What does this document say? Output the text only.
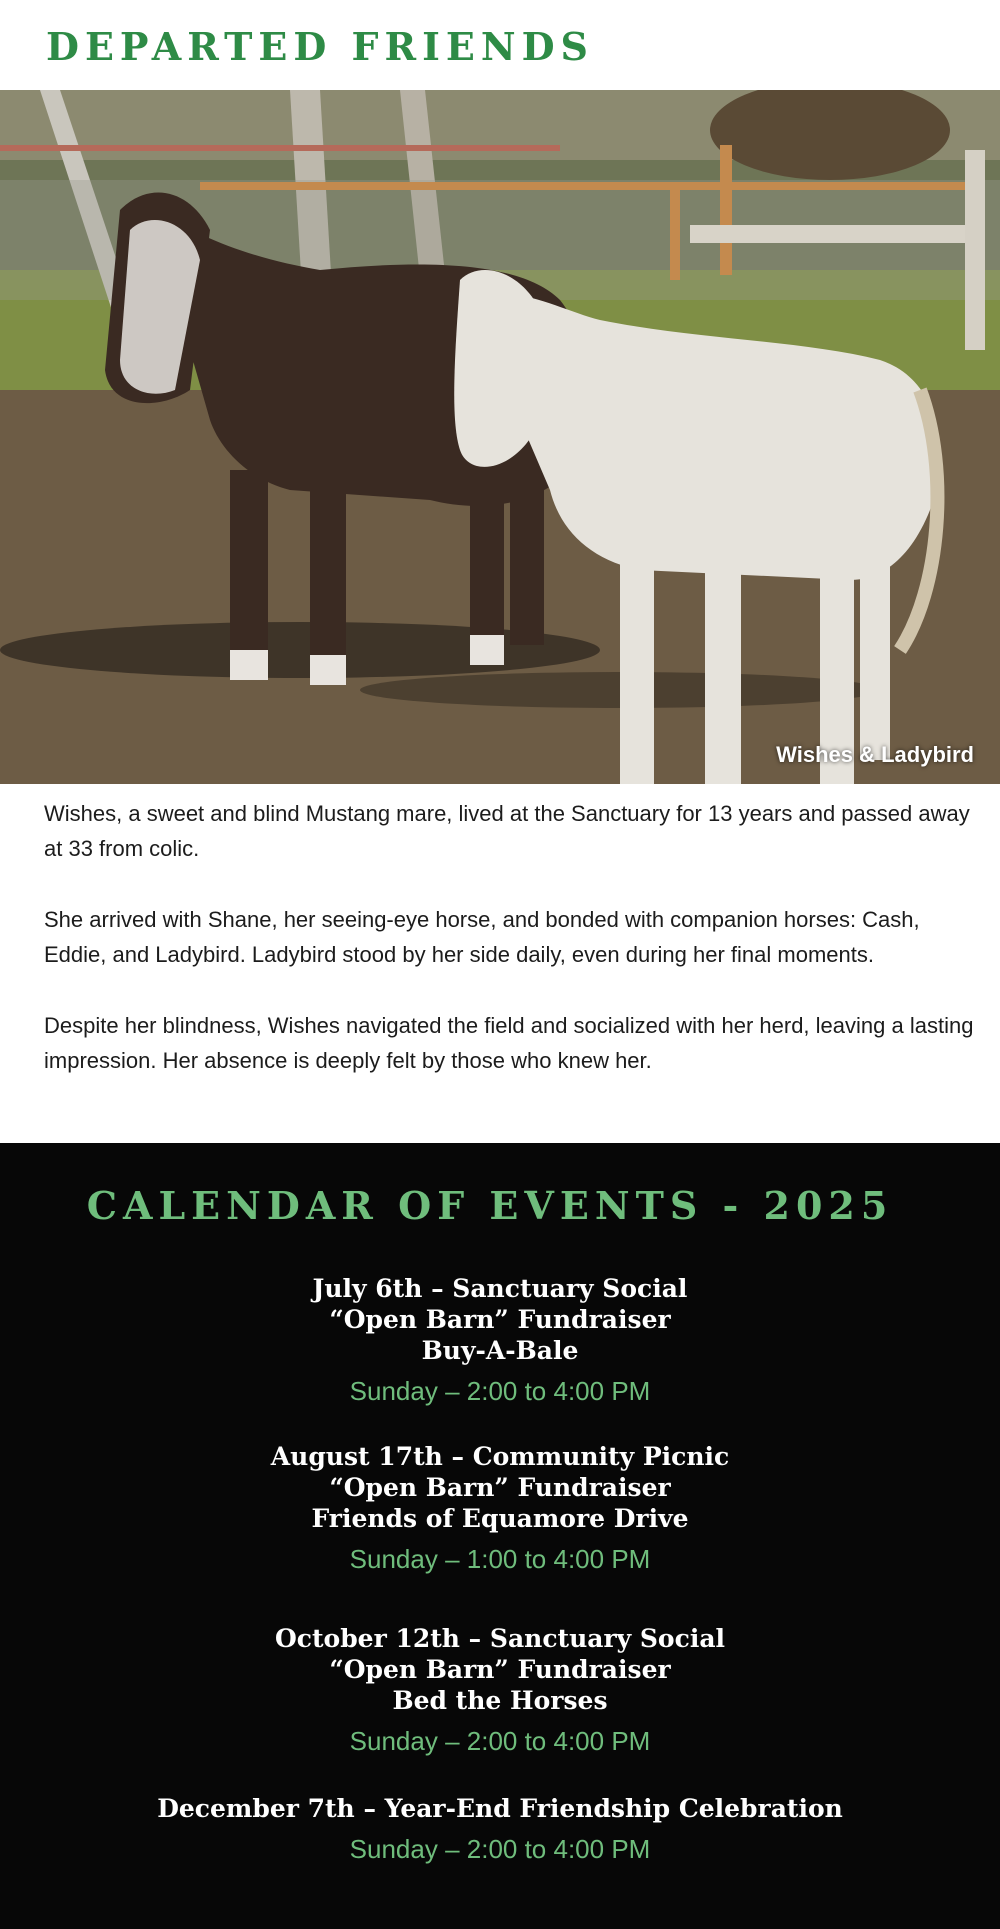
DEPARTED FRIENDS
Wishes & Ladybird

Wishes, a sweet and blind Mustang mare, lived at the Sanctuary for 13 years and passed away at 33 from colic.

She arrived with Shane, her seeing-eye horse, and bonded with companion horses: Cash, Eddie, and Ladybird. Ladybird stood by her side daily, even during her final moments.

Despite her blindness, Wishes navigated the field and socialized with her herd, leaving a lasting impression. Her absence is deeply felt by those who knew her.

CALENDAR OF EVENTS - 2025
July 6th – Sanctuary Social
“Open Barn” Fundraiser
Buy-A-Bale
Sunday – 2:00 to 4:00 PM
August 17th – Community Picnic
“Open Barn” Fundraiser
Friends of Equamore Drive
Sunday – 1:00 to 4:00 PM
October 12th – Sanctuary Social
“Open Barn” Fundraiser
Bed the Horses
Sunday – 2:00 to 4:00 PM
December 7th – Year-End Friendship Celebration
Sunday – 2:00 to 4:00 PM
